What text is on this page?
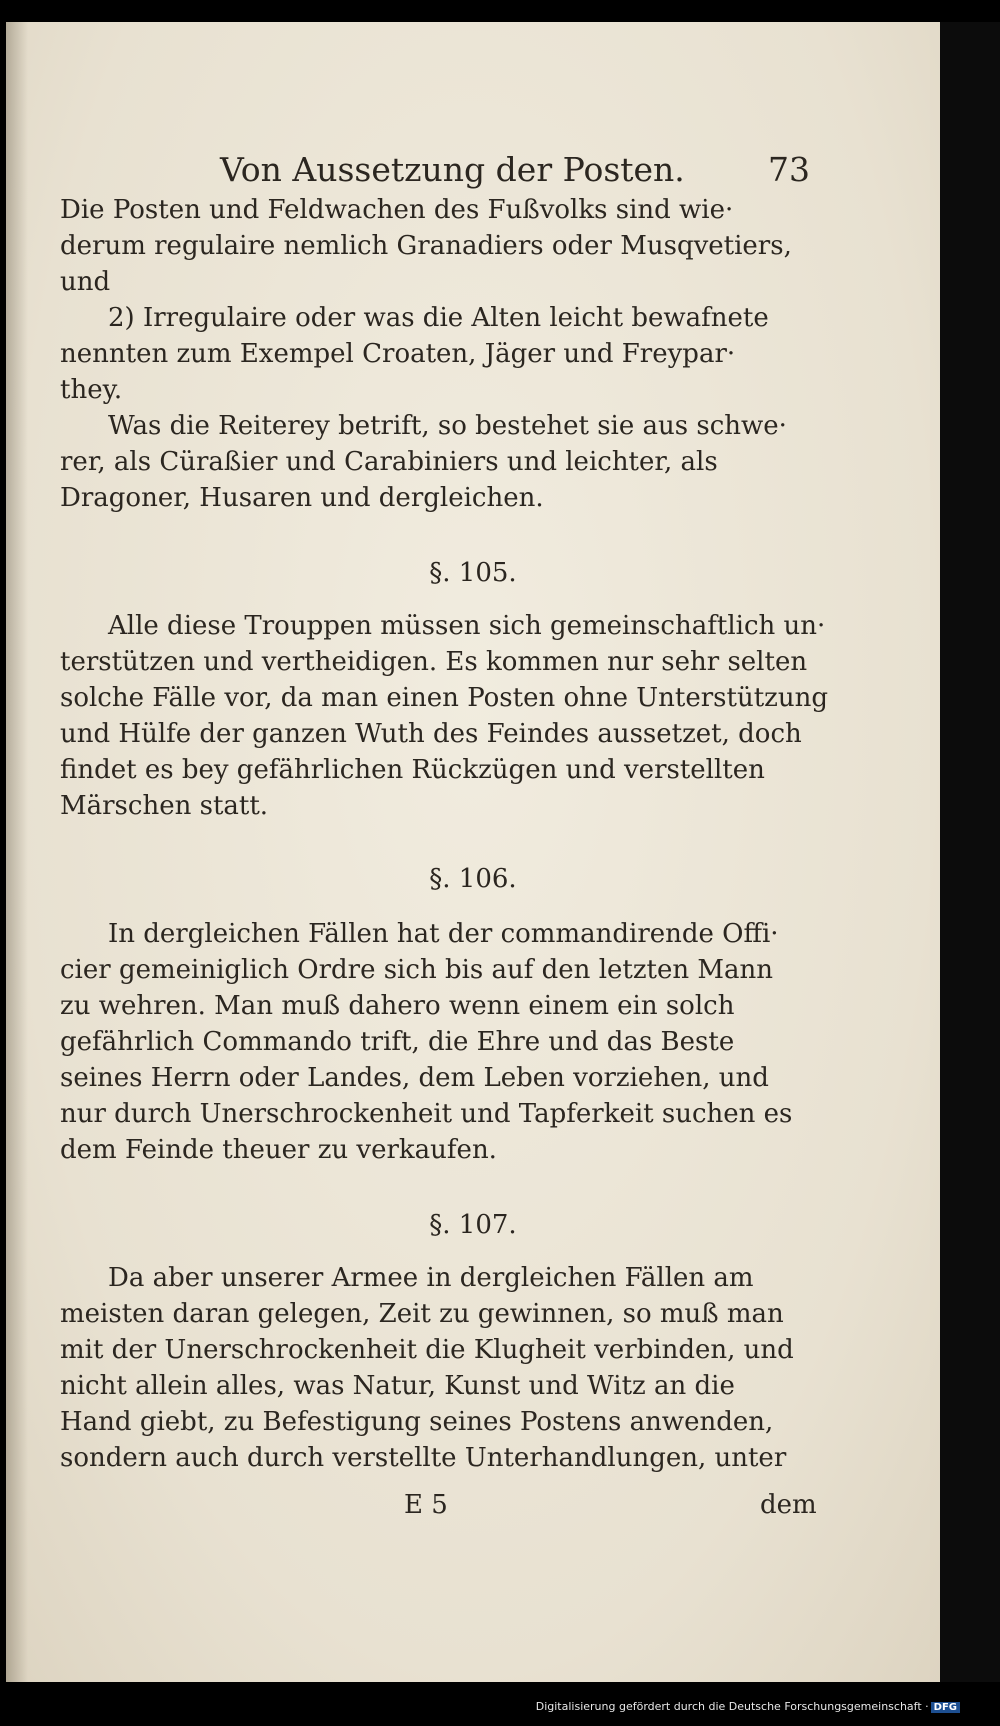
Von Aussetzung der Posten.	73
Die Posten und Feldwachen des Fußvolks sind wie·
derum regulaire nemlich Granadiers oder Musqvetiers,
und
2) Irregulaire oder was die Alten leicht bewafnete
nennten zum Exempel Croaten, Jäger und Freypar·
they.
Was die Reiterey betrift, so bestehet sie aus schwe·
rer, als Cüraßier und Carabiniers und leichter, als
Dragoner, Husaren und dergleichen.
§. 105.
Alle diese Trouppen müssen sich gemeinschaftlich un·
terstützen und vertheidigen. Es kommen nur sehr selten
solche Fälle vor, da man einen Posten ohne Unterstützung
und Hülfe der ganzen Wuth des Feindes aussetzet, doch
findet es bey gefährlichen Rückzügen und verstellten
Märschen statt.
§. 106.
In dergleichen Fällen hat der commandirende Offi·
cier gemeiniglich Ordre sich bis auf den letzten Mann
zu wehren. Man muß dahero wenn einem ein solch
gefährlich Commando trift, die Ehre und das Beste
seines Herrn oder Landes, dem Leben vorziehen, und
nur durch Unerschrockenheit und Tapferkeit suchen es
dem Feinde theuer zu verkaufen.
§. 107.
Da aber unserer Armee in dergleichen Fällen am
meisten daran gelegen, Zeit zu gewinnen, so muß man
mit der Unerschrockenheit die Klugheit verbinden, und
nicht allein alles, was Natur, Kunst und Witz an die
Hand giebt, zu Befestigung seines Postens anwenden,
sondern auch durch verstellte Unterhandlungen, unter
E 5	dem
Digitalisierung gefördert durch die Deutsche Forschungsgemeinschaft · DFG
